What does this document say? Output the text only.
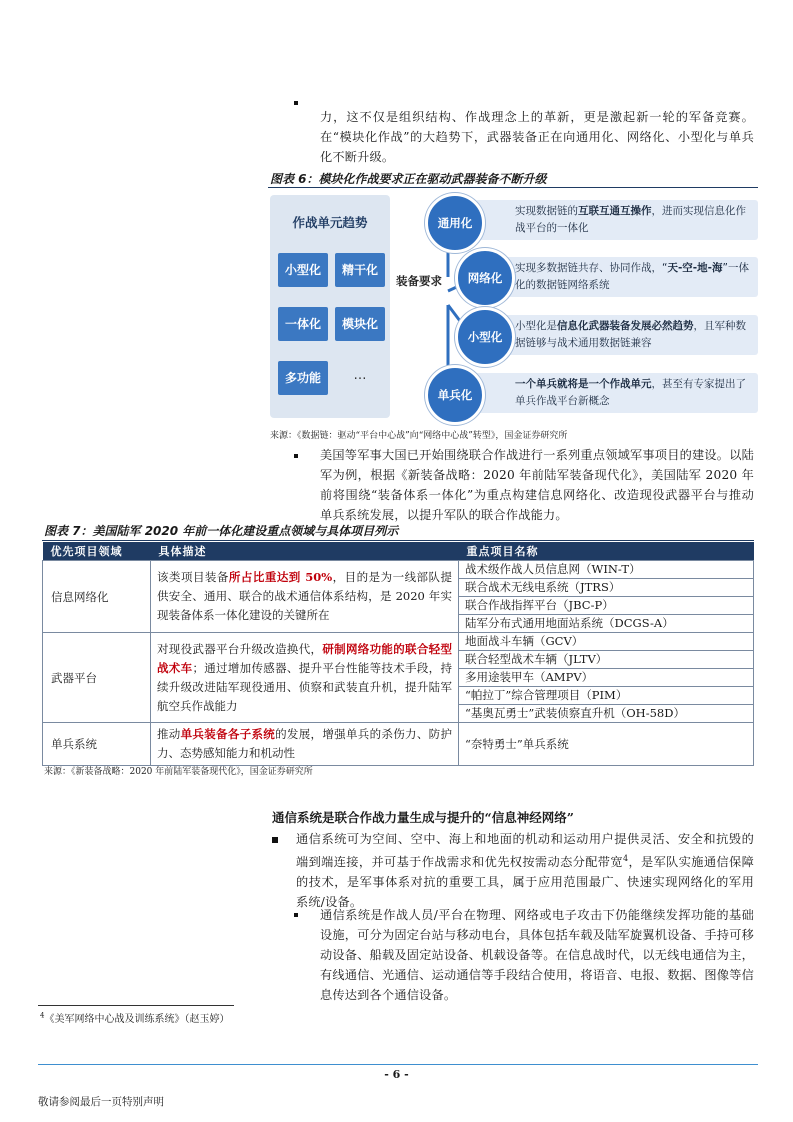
力，这不仅是组织结构、作战理念上的革新，更是激起新一轮的军备竞赛。在“模块化作战”的大趋势下，武器装备正在向通用化、网络化、小型化与单兵化不断升级。
图表 6：模块化作战要求正在驱动武器装备不断升级
作战单元趋势
小型化	精干化
一体化	模块化
多功能	…
装备要求
实现数据链的互联互通互操作，进而实现信息化作战平台的一体化
实现多数据链共存、协同作战，“天-空-地-海”一体化的数据链网络系统
小型化是信息化武器装备发展必然趋势，且军种数据链够与战术通用数据链兼容
一个单兵就将是一个作战单元，甚至有专家提出了单兵作战平台新概念
通用化
网络化
小型化
单兵化
来源：《数据链：驱动“平台中心战”向“网络中心战”转型》，国金证券研究所
美国等军事大国已开始围绕联合作战进行一系列重点领域军事项目的建设。以陆军为例，根据《新装备战略：2020 年前陆军装备现代化》，美国陆军 2020 年前将围绕“装备体系一体化”为重点构建信息网络化、改造现役武器平台与推动单兵系统发展，以提升军队的联合作战能力。
图表 7：美国陆军 2020 年前一体化建设重点领域与具体项目列示
优先项目领域	具体描述	重点项目名称
信息网络化	该类项目装备所占比重达到 50%，目的是为一线部队提供安全、通用、联合的战术通信体系结构，是 2020 年实现装备体系一体化建设的关键所在	战术级作战人员信息网（WIN-T）
		联合战术无线电系统（JTRS）
		联合作战指挥平台（JBC-P）
		陆军分布式通用地面站系统（DCGS-A）
武器平台	对现役武器平台升级改造换代，研制网络功能的联合轻型战术车；通过增加传感器、提升平台性能等技术手段，持续升级改进陆军现役通用、侦察和武装直升机，提升陆军航空兵作战能力	地面战斗车辆（GCV）
		联合轻型战术车辆（JLTV）
		多用途装甲车（AMPV）
		“帕拉丁”综合管理项目（PIM）
		“基奥瓦勇士”武装侦察直升机（OH-58D）
单兵系统	推动单兵装备各子系统的发展，增强单兵的杀伤力、防护力、态势感知能力和机动性	“奈特勇士”单兵系统
来源：《新装备战略：2020 年前陆军装备现代化》，国金证券研究所
通信系统是联合作战力量生成与提升的“信息神经网络”
通信系统可为空间、空中、海上和地面的机动和运动用户提供灵活、安全和抗毁的端到端连接，并可基于作战需求和优先权按需动态分配带宽$^4$，是军队实施通信保障的技术，是军事体系对抗的重要工具，属于应用范围最广、快速实现网络化的军用系统/设备。
通信系统是作战人员/平台在物理、网络或电子攻击下仍能继续发挥功能的基础设施，可分为固定台站与移动电台，具体包括车载及陆军旋翼机设备、手持可移动设备、船载及固定站设备、机载设备等。在信息战时代，以无线电通信为主，有线通信、光通信、运动通信等手段结合使用，将语音、电报、数据、图像等信息传达到各个通信设备。
$^4$《美军网络中心战及训练系统》（赵玉婷）
- 6 -
敬请参阅最后一页特别声明
